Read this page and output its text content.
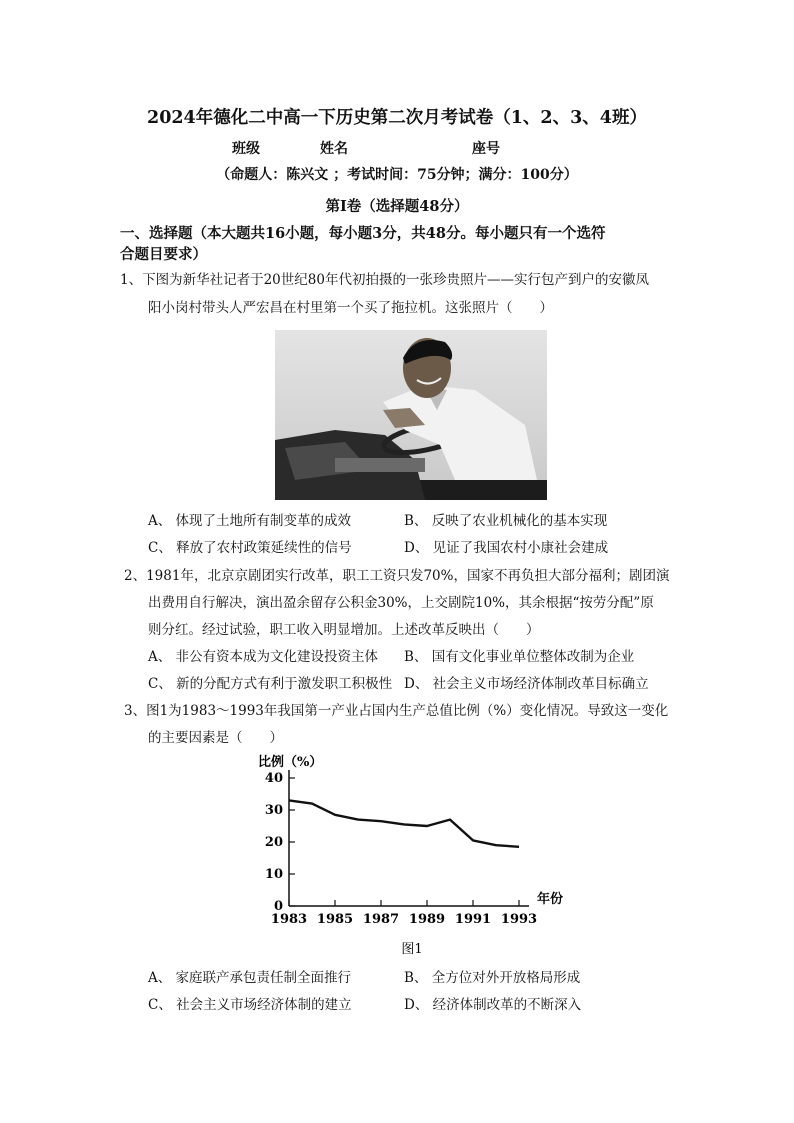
2024年德化二中高一下历史第二次月考试卷（1、2、3、4班）
班级	姓名	座号
（命题人：陈兴文 ；考试时间：75分钟；满分：100分）
第Ⅰ卷（选择题48分）
一、选择题（本大题共16小题，每小题3分，共48分。每小题只有一个选符
合题目要求）
1、下图为新华社记者于20世纪80年代初拍摄的一张珍贵照片——实行包产到户的安徽凤
阳小岗村带头人严宏昌在村里第一个买了拖拉机。这张照片（　　）
A、 体现了土地所有制变革的成效	B、 反映了农业机械化的基本实现
C、 释放了农村政策延续性的信号	D、 见证了我国农村小康社会建成
2、1981年，北京京剧团实行改革，职工工资只发70%，国家不再负担大部分福利；剧团演
出费用自行解决，演出盈余留存公积金30%，上交剧院10%，其余根据“按劳分配”原
则分红。经过试验，职工收入明显增加。上述改革反映出（　　）
A、 非公有资本成为文化建设投资主体 B、 国有文化事业单位整体改制为企业
C、 新的分配方式有利于激发职工积极性 D、 社会主义市场经济体制改革目标确立
3、图1为1983～1993年我国第一产业占国内生产总值比例（%）变化情况。导致这一变化
的主要因素是（　　）
比例（%）
年份
0
10
20
30
40
1983 1985 1987 1989 1991 1993
图1
A、 家庭联产承包责任制全面推行	B、 全方位对外开放格局形成
C、 社会主义市场经济体制的建立	D、 经济体制改革的不断深入
